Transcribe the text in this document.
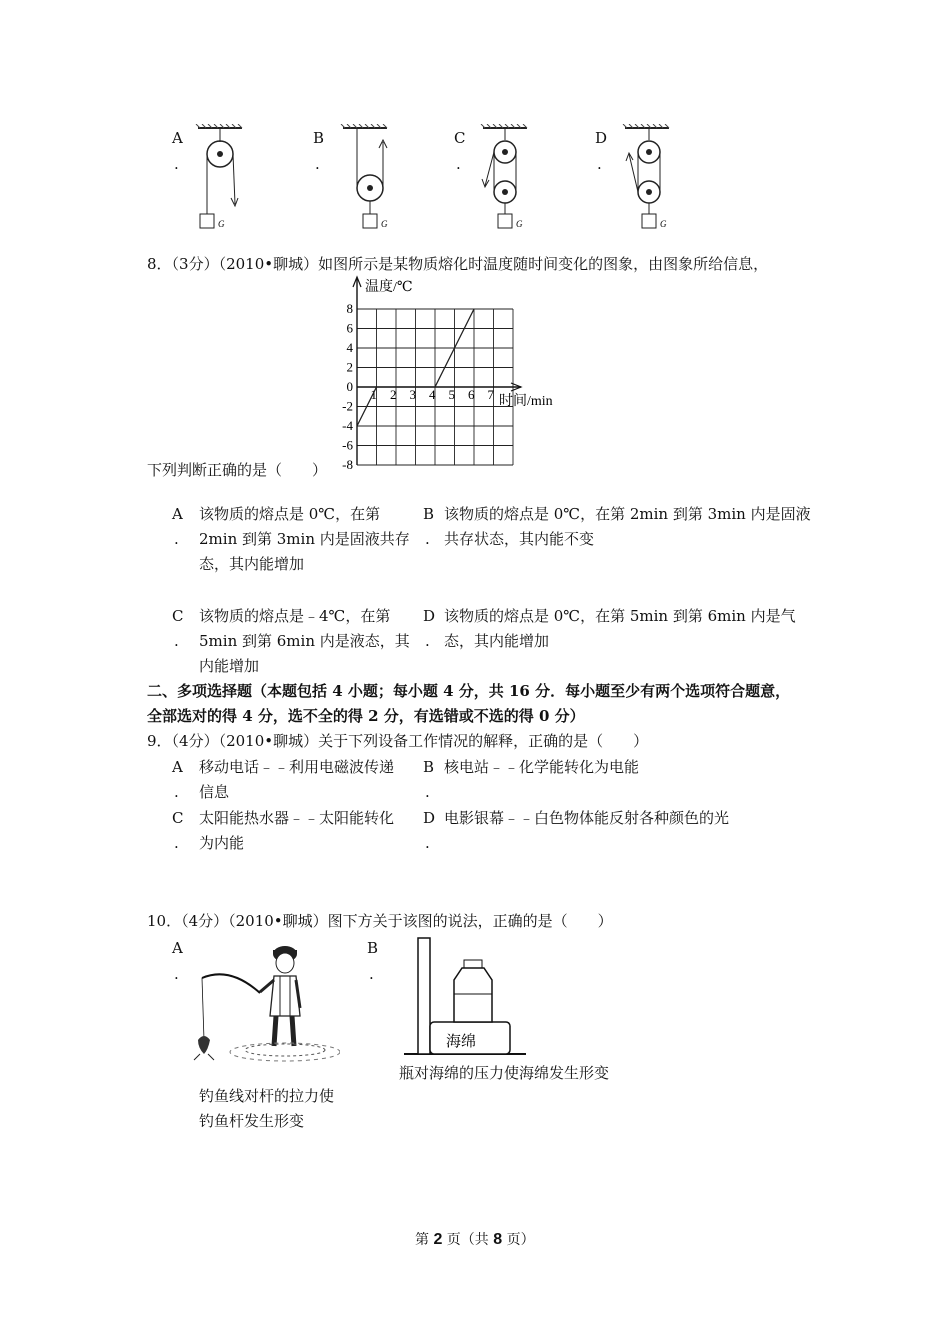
A
.
B
.
C
.
D
.
G	G	G	G
8．（3分）（2010•聊城）如图所示是某物质熔化时温度随时间变化的图象，由图象所给信息，
8
6
4
2
0
-2
-4
-6
-8
1 2 3 4 5 6 7
温度/℃
时间/min
下列判断正确的是（　　）
A
.
该物质的熔点是 0℃，在第
2min 到第 3min 内是固液共存
态，其内能增加
B
.
该物质的熔点是 0℃，在第 2min 到第 3min 内是固液
共存状态，其内能不变
C
.
该物质的熔点是﹣4℃，在第
5min 到第 6min 内是液态，其
内能增加
D
.
该物质的熔点是 0℃，在第 5min 到第 6min 内是气
态，其内能增加
二、多项选择题（本题包括 4 小题；每小题 4 分，共 16 分．每小题至少有两个选项符合题意，
全部选对的得 4 分，选不全的得 2 分，有选错或不选的得 0 分）
9．（4分）（2010•聊城）关于下列设备工作情况的解释，正确的是（　　）
A
.
移动电话﹣﹣利用电磁波传递
信息
B
.
核电站﹣﹣化学能转化为电能
C
.
太阳能热水器﹣﹣太阳能转化
为内能
D
.
电影银幕﹣﹣白色物体能反射各种颜色的光
10．（4分）（2010•聊城）图下方关于该图的说法，正确的是（　　）
A
.
钓鱼线对杆的拉力使
钓鱼杆发生形变
B
.
海绵
瓶对海绵的压力使海绵发生形变
第 2 页（共 8 页）
